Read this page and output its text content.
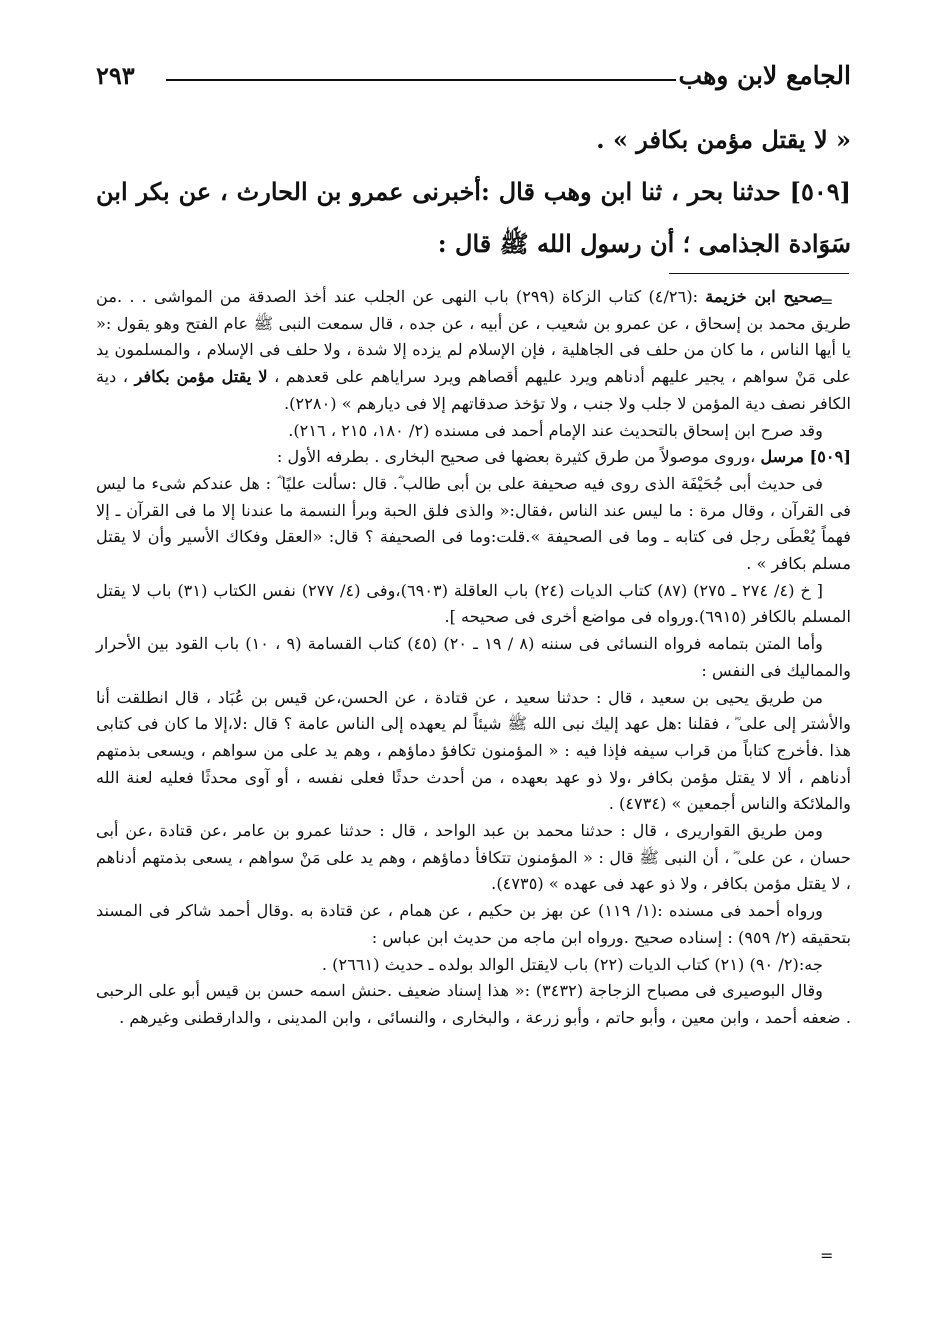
الجامع لابن وهب
٢٩٣

« لا يقتل مؤمن بكافر » .

[٥٠٩] حدثنا بحر ، ثنا ابن وهب قال :أخبرنى عمرو بن الحارث ، عن بكر ابن سَوَادة الجذامى ؛ أن رسول الله ﷺ قال :

=
=

صحيح ابن خزيمة :(٤/٢٦) كتاب الزكاة (٢٩٩) باب النهى عن الجلب عند أخذ الصدقة من المواشى . . .من طريق محمد بن إسحاق ، عن عمرو بن شعيب ، عن أبيه ، عن جده ، قال سمعت النبى ﷺ عام الفتح وهو يقول :« يا أيها الناس ، ما كان من حلف فى الجاهلية ، فإن الإسلام لم يزده إلا شدة ، ولا حلف فى الإسلام ، والمسلمون يد على مَنْ سواهم ، يجير عليهم أدناهم ويرد عليهم أقصاهم ويرد سراياهم على قعدهم ، لا يقتل مؤمن بكافر ، دية الكافر نصف دية المؤمن لا جلب ولا جنب ، ولا تؤخذ صدقاتهم إلا فى ديارهم » (٢٢٨٠).

وقد صرح ابن إسحاق بالتحديث عند الإمام أحمد فى مسنده (٢/ ١٨٠، ٢١٥ ، ٢١٦).

[٥٠٩] مرسل ،وروى موصولاً من طرق كثيرة بعضها فى صحيح البخارى . بطرفه الأول :

فى حديث أبى جُحَيْفَة الذى روى فيه صحيفة على بن أبى طالب ؓ. قال :سألت عليًا ؓ : هل عندكم شىء ما ليس فى القرآن ، وقال مرة : ما ليس عند الناس ،فقال:« والذى فلق الحبة وبرأ النسمة ما عندنا إلا ما فى القرآن ـ إلا فهماً يُعْطَى رجل فى كتابه ـ وما فى الصحيفة ».قلت:وما فى الصحيفة ؟ قال: «العقل وفكاك الأسير وأن لا يقتل مسلم بكافر » .

[ خ (٤/ ٢٧٤ ـ ٢٧٥) (٨٧) كتاب الديات (٢٤) باب العاقلة (٦٩٠٣)،وفى (٤/ ٢٧٧) نفس الكتاب (٣١) باب لا يقتل المسلم بالكافر (٦٩١٥).ورواه فى مواضع أخرى فى صحيحه ].

وأما المتن بتمامه فرواه النسائى فى سننه (٨ / ١٩ ـ ٢٠) (٤٥) كتاب القسامة (٩ ، ١٠) باب القود بين الأحرار والمماليك فى النفس :

من طريق يحيى بن سعيد ، قال : حدثنا سعيد ، عن قتادة ، عن الحسن،عن قيس بن عُبَاد ، قال انطلقت أنا والأشتر إلى على ؓ ، فقلنا :هل عهد إليك نبى الله ﷺ شيئاً لم يعهده إلى الناس عامة ؟ قال :لا،إلا ما كان فى كتابى هذا .فأخرج كتاباً من قراب سيفه فإذا فيه : « المؤمنون تكافؤ دماؤهم ، وهم يد على من سواهم ، ويسعى بذمتهم أدناهم ، ألا لا يقتل مؤمن بكافر ،ولا ذو عهد بعهده ، من أحدث حدثًا فعلى نفسه ، أو آوى محدثًا فعليه لعنة الله والملائكة والناس أجمعين » (٤٧٣٤) .

ومن طريق القواريرى ، قال : حدثنا محمد بن عبد الواحد ، قال : حدثنا عمرو بن عامر ،عن قتادة ،عن أبى حسان ، عن على ؓ ، أن النبى ﷺ قال : « المؤمنون تتكافأ دماؤهم ، وهم يد على مَنْ سواهم ، يسعى بذمتهم أدناهم ، لا يقتل مؤمن بكافر ، ولا ذو عهد فى عهده » (٤٧٣٥).

ورواه أحمد فى مسنده :(١/ ١١٩) عن بهز بن حكيم ، عن همام ، عن قتادة به .وقال أحمد شاكر فى المسند بتحقيقه (٢/ ٩٥٩) : إسناده صحيح .ورواه ابن ماجه من حديث ابن عباس :

جه:(٢/ ٩٠) (٢١) كتاب الديات (٢٢) باب لايقتل الوالد بولده ـ حديث (٢٦٦١) .

وقال البوصيرى فى مصباح الزجاجة (٣٤٣٢) :« هذا إسناد ضعيف .حنش اسمه حسن بن قيس أبو على الرحبى . ضعفه أحمد ، وابن معين ، وأبو حاتم ، وأبو زرعة ، والبخارى ، والنسائى ، وابن المدينى ، والدارقطنى وغيرهم .
